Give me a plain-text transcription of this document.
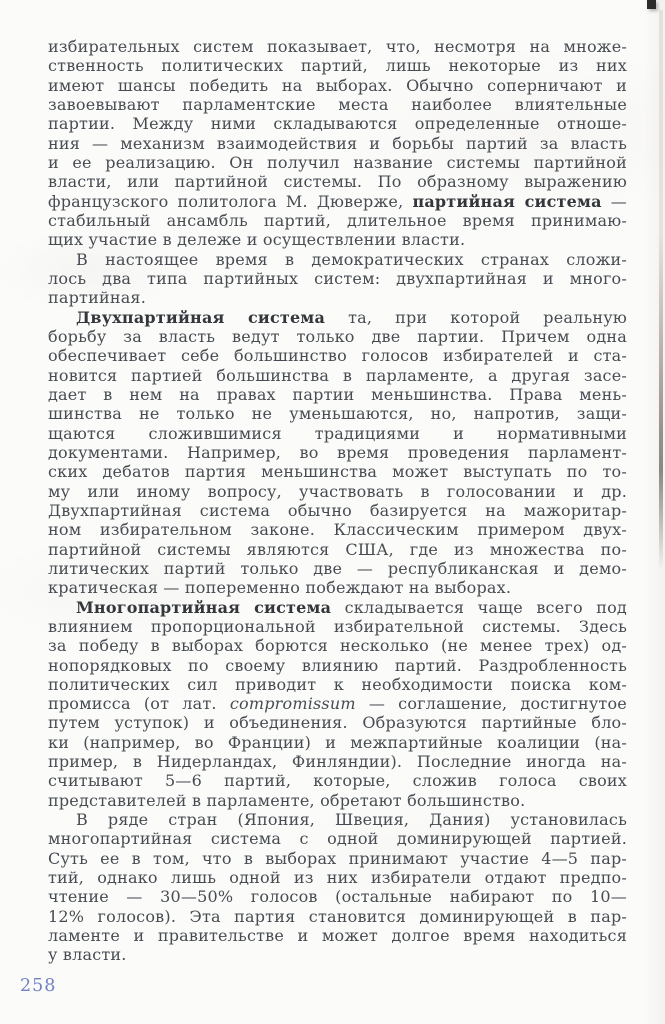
избирательных систем показывает, что, несмотря на множе-
ственность политических партий, лишь некоторые из них
имеют шансы победить на выборах. Обычно соперничают и
завоевывают парламентские места наиболее влиятельные
партии. Между ними складываются определенные отноше-
ния — механизм взаимодействия и борьбы партий за власть
и ее реализацию. Он получил название системы партийной
власти, или партийной системы. По образному выражению
французского политолога М. Дюверже, партийная система —
стабильный ансамбль партий, длительное время принимаю-
щих участие в дележе и осуществлении власти.
В настоящее время в демократических странах сложи-
лось два типа партийных систем: двухпартийная и много-
партийная.
Двухпартийная система та, при которой реальную
борьбу за власть ведут только две партии. Причем одна
обеспечивает себе большинство голосов избирателей и ста-
новится партией большинства в парламенте, а другая засе-
дает в нем на правах партии меньшинства. Права мень-
шинства не только не уменьшаются, но, напротив, защи-
щаются сложившимися традициями и нормативными
документами. Например, во время проведения парламент-
ских дебатов партия меньшинства может выступать по то-
му или иному вопросу, участвовать в голосовании и др.
Двухпартийная система обычно базируется на мажоритар-
ном избирательном законе. Классическим примером двух-
партийной системы являются США, где из множества по-
литических партий только две — республиканская и демо-
кратическая — попеременно побеждают на выборах.
Многопартийная система складывается чаще всего под
влиянием пропорциональной избирательной системы. Здесь
за победу в выборах борются несколько (не менее трех) од-
нопорядковых по своему влиянию партий. Раздробленность
политических сил приводит к необходимости поиска ком-
промисса (от лат. compromissum — соглашение, достигнутое
путем уступок) и объединения. Образуются партийные бло-
ки (например, во Франции) и межпартийные коалиции (на-
пример, в Нидерландах, Финляндии). Последние иногда на-
считывают 5—6 партий, которые, сложив голоса своих
представителей в парламенте, обретают большинство.
В ряде стран (Япония, Швеция, Дания) установилась
многопартийная система с одной доминирующей партией.
Суть ее в том, что в выборах принимают участие 4—5 пар-
тий, однако лишь одной из них избиратели отдают предпо-
чтение — 30—50% голосов (остальные набирают по 10—
12% голосов). Эта партия становится доминирующей в пар-
ламенте и правительстве и может долгое время находиться
у власти.
258
